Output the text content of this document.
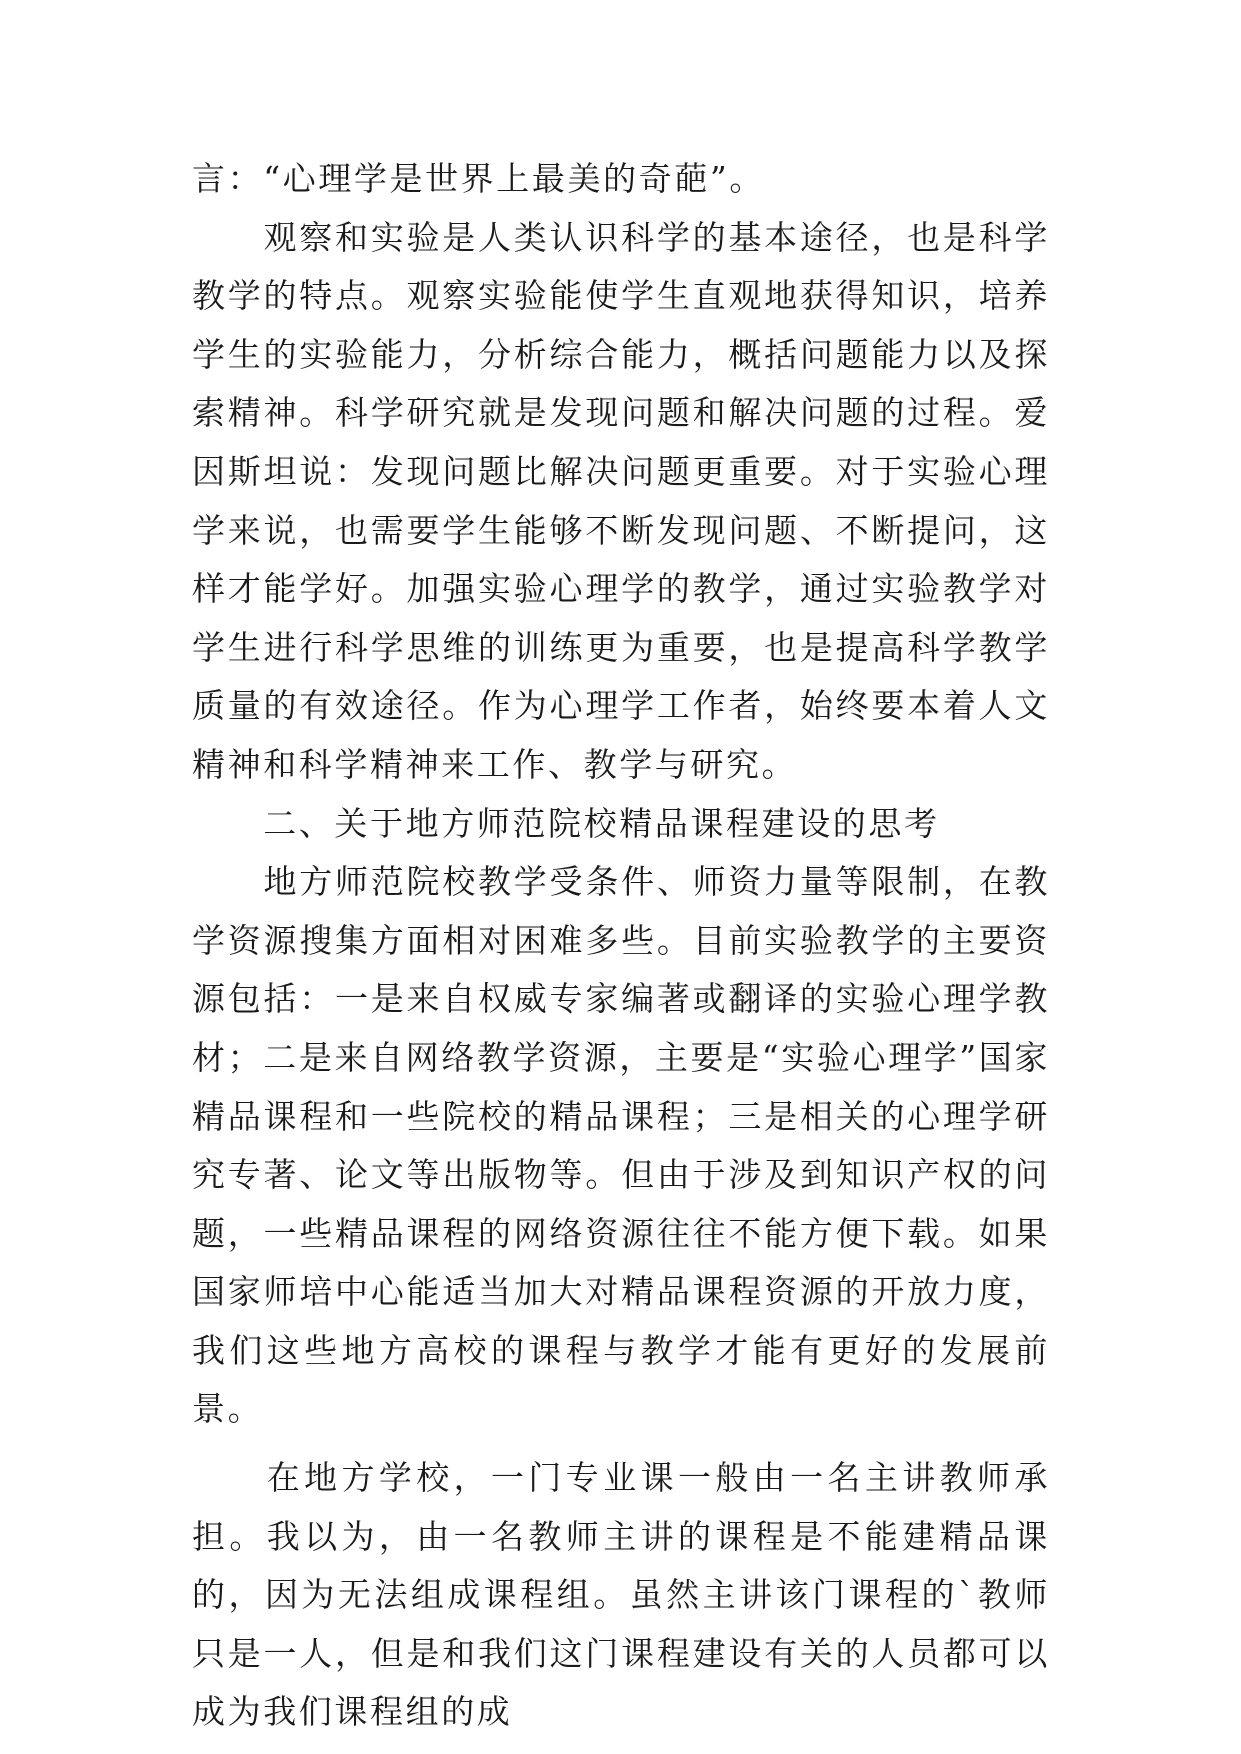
言：“心理学是世界上最美的奇葩”。

　　观察和实验是人类认识科学的基本途径，也是科学教学的特点。观察实验能使学生直观地获得知识，培养学生的实验能力，分析综合能力，概括问题能力以及探索精神。科学研究就是发现问题和解决问题的过程。爱因斯坦说：发现问题比解决问题更重要。对于实验心理学来说，也需要学生能够不断发现问题、不断提问，这样才能学好。加强实验心理学的教学，通过实验教学对学生进行科学思维的训练更为重要，也是提高科学教学质量的有效途径。作为心理学工作者，始终要本着人文精神和科学精神来工作、教学与研究。

　　二、关于地方师范院校精品课程建设的思考

　　地方师范院校教学受条件、师资力量等限制，在教学资源搜集方面相对困难多些。目前实验教学的主要资源包括：一是来自权威专家编著或翻译的实验心理学教材；二是来自网络教学资源，主要是“实验心理学”国家精品课程和一些院校的精品课程；三是相关的心理学研究专著、论文等出版物等。但由于涉及到知识产权的问题，一些精品课程的网络资源往往不能方便下载。如果国家师培中心能适当加大对精品课程资源的开放力度，我们这些地方高校的课程与教学才能有更好的发展前景。

　　在地方学校，一门专业课一般由一名主讲教师承担。我以为，由一名教师主讲的课程是不能建精品课的，因为无法组成课程组。虽然主讲该门课程的`教师只是一人，但是和我们这门课程建设有关的人员都可以成为我们课程组的成
